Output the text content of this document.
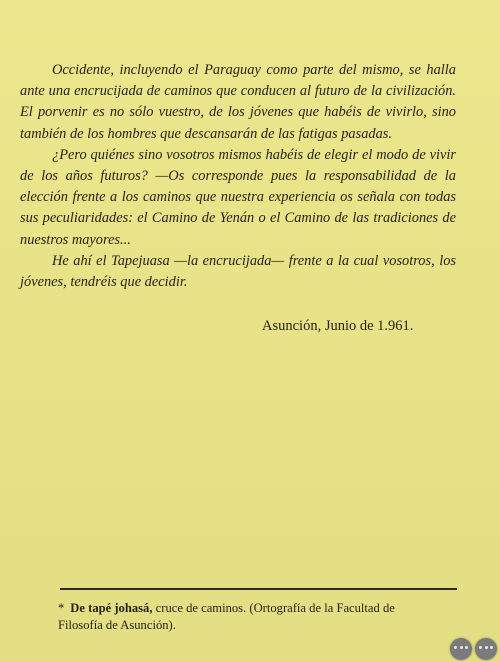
Occidente, incluyendo el Paraguay como parte del mismo, se halla ante una encrucijada de caminos que conducen al futuro de la civilización. El porvenir es no sólo vuestro, de los jóvenes que habéis de vivirlo, sino también de los hombres que descansarán de las fatigas pasadas.

¿Pero quiénes sino vosotros mismos habéis de elegir el modo de vivir de los años futuros? —Os corresponde pues la responsabilidad de la elección frente a los caminos que nuestra experiencia os señala con todas sus peculiaridades: el Camino de Yenán o el Camino de las tradiciones de nuestros mayores...

He ahí el Tapejuasa —la encrucijada— frente a la cual vosotros, los jóvenes, tendréis que decidir.

Asunción, Junio de 1.961.
* De tapé johasá, cruce de caminos. (Ortografía de la Facultad de Filosofía de Asunción).
